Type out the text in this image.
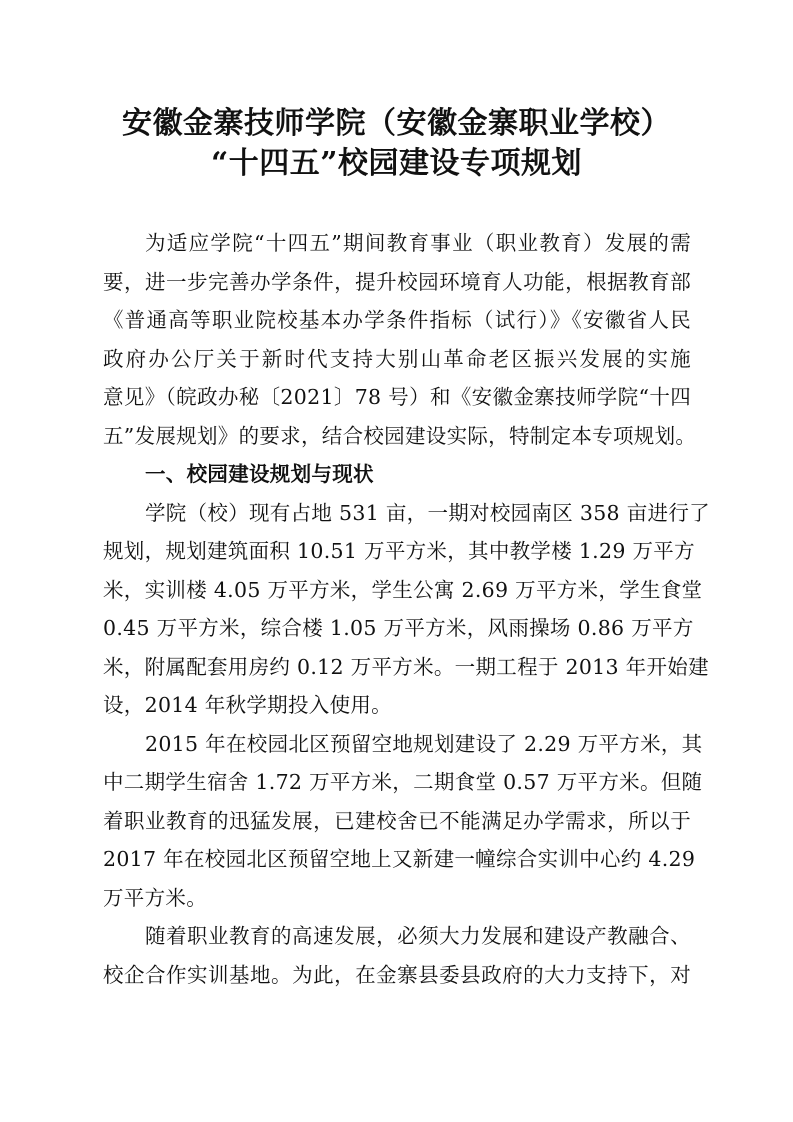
安徽金寨技师学院（安徽金寨职业学校）
“十四五”校园建设专项规划
为适应学院“十四五”期间教育事业（职业教育）发展的需
要，进一步完善办学条件，提升校园环境育人功能，根据教育部
《普通高等职业院校基本办学条件指标（试行）》《安徽省人民
政府办公厅关于新时代支持大别山革命老区振兴发展的实施
意见》（皖政办秘〔2021〕78 号）和《安徽金寨技师学院“十四
五”发展规划》的要求，结合校园建设实际，特制定本专项规划。
一、校园建设规划与现状
学院（校）现有占地 531 亩，一期对校园南区 358 亩进行了
规划，规划建筑面积 10.51 万平方米，其中教学楼 1.29 万平方
米，实训楼 4.05 万平方米，学生公寓 2.69 万平方米，学生食堂
0.45 万平方米，综合楼 1.05 万平方米，风雨操场 0.86 万平方
米，附属配套用房约 0.12 万平方米。一期工程于 2013 年开始建
设，2014 年秋学期投入使用。
2015 年在校园北区预留空地规划建设了 2.29 万平方米，其
中二期学生宿舍 1.72 万平方米，二期食堂 0.57 万平方米。但随
着职业教育的迅猛发展，已建校舍已不能满足办学需求，所以于
2017 年在校园北区预留空地上又新建一幢综合实训中心约 4.29
万平方米。
随着职业教育的高速发展，必须大力发展和建设产教融合、
校企合作实训基地。为此，在金寨县委县政府的大力支持下，对
